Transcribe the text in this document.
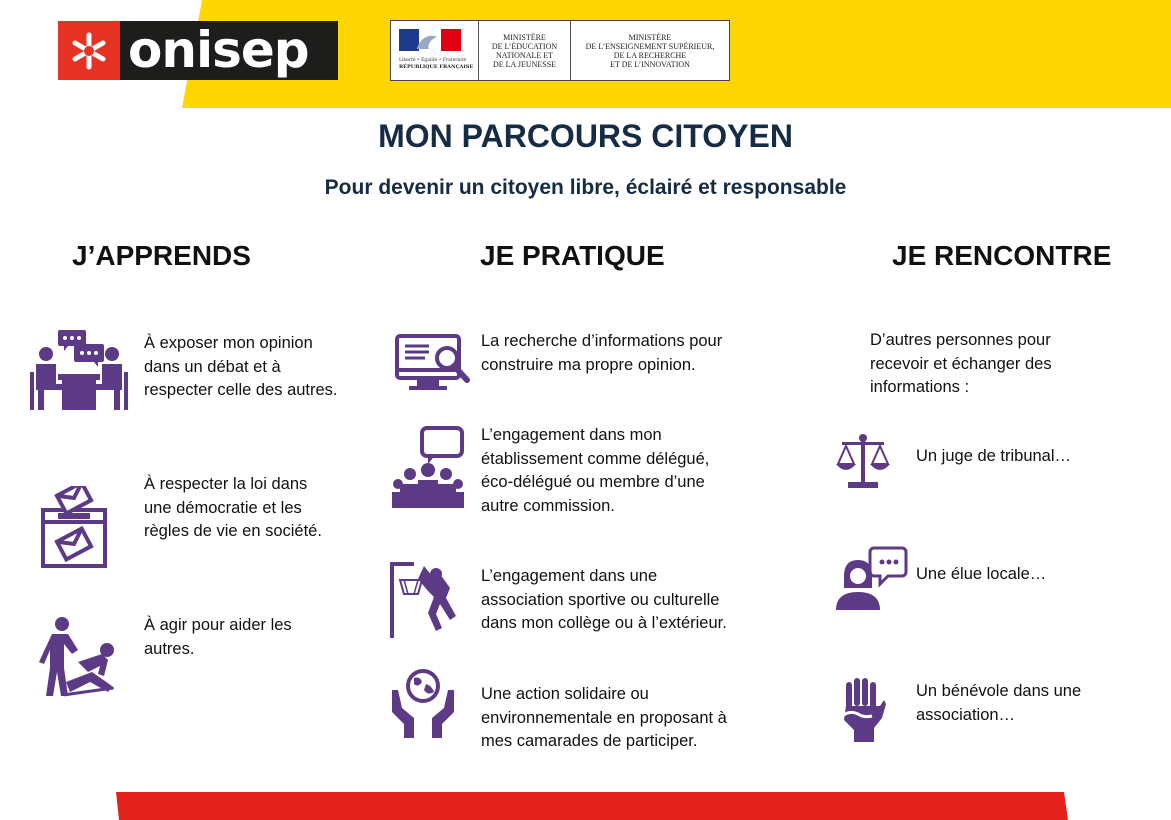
onisep	Liberté • Égalité • Fraternité
RÉPUBLIQUE FRANÇAISE
MINISTÈRE
DE L’ÉDUCATION
NATIONALE ET
DE LA JEUNESSE
MINISTÈRE
DE L’ENSEIGNEMENT SUPÉRIEUR,
DE LA RECHERCHE
ET DE L’INNOVATION
MON PARCOURS CITOYEN
Pour devenir un citoyen libre, éclairé et responsable
J’APPRENDS	JE PRATIQUE	JE RENCONTRE
À exposer mon opinion
dans un débat et à
respecter celle des autres.
À respecter la loi dans
une démocratie et les
règles de vie en société.
À agir pour aider les
autres.
La recherche d’informations pour
construire ma propre opinion.
L’engagement dans mon
établissement comme délégué,
éco-délégué ou membre d’une
autre commission.
L’engagement dans une
association sportive ou culturelle
dans mon collège ou à l’extérieur.
Une action solidaire ou
environnementale en proposant à
mes camarades de participer.
D’autres personnes pour
recevoir et échanger des
informations :
Un juge de tribunal…
Une élue locale…
Un bénévole dans une
association…
